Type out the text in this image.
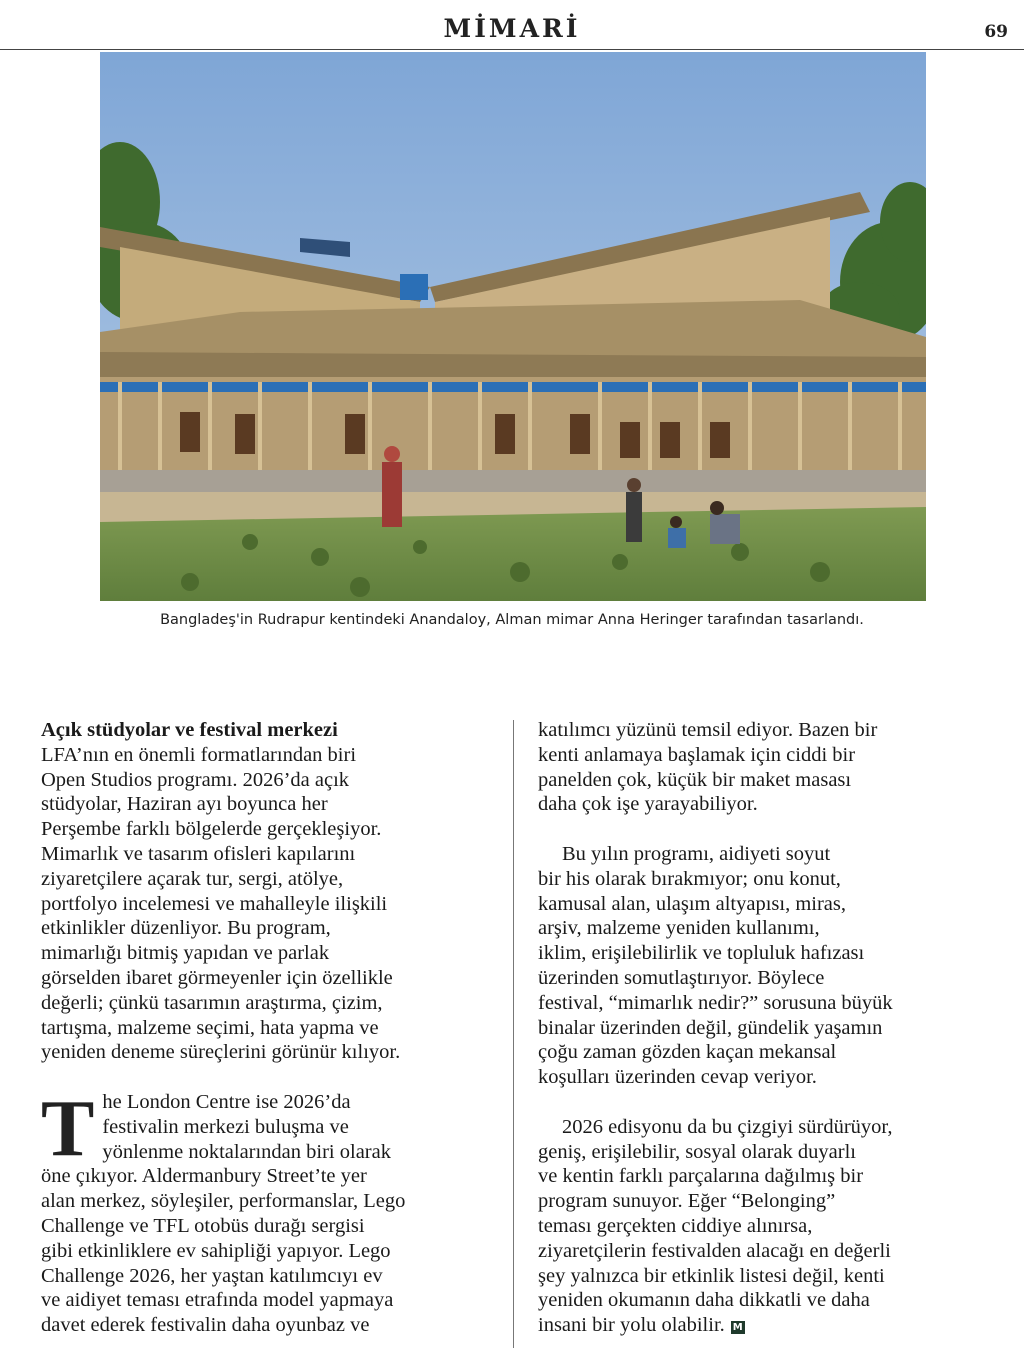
MİMARİ	69
Bangladeş'in Rudrapur kentindeki Anandaloy, Alman mimar Anna Heringer tarafından tasarlandı.

Açık stüdyolar ve festival merkezi

LFA’nın en önemli formatlarından biri
Open Studios programı. 2026’da açık
stüdyolar, Haziran ayı boyunca her
Perşembe farklı bölgelerde gerçekleşiyor.
Mimarlık ve tasarım ofisleri kapılarını
ziyaretçilere açarak tur, sergi, atölye,
portfolyo incelemesi ve mahalleyle ilişkili
etkinlikler düzenliyor. Bu program,
mimarlığı bitmiş yapıdan ve parlak
görselden ibaret görmeyenler için özellikle
değerli; çünkü tasarımın araştırma, çizim,
tartışma, malzeme seçimi, hata yapma ve
yeniden deneme süreçlerini görünür kılıyor.
T he London Centre ise 2026’da
festivalin merkezi buluşma ve
yönlenme noktalarından biri olarak
öne çıkıyor. Aldermanbury Street’te yer
alan merkez, söyleşiler, performanslar, Lego
Challenge ve TFL otobüs durağı sergisi
gibi etkinliklere ev sahipliği yapıyor. Lego
Challenge 2026, her yaştan katılımcıyı ev
ve aidiyet teması etrafında model yapmaya
davet ederek festivalin daha oyunbaz ve
katılımcı yüzünü temsil ediyor. Bazen bir
kenti anlamaya başlamak için ciddi bir
panelden çok, küçük bir maket masası
daha çok işe yarayabiliyor.
Bu yılın programı, aidiyeti soyut
bir his olarak bırakmıyor; onu konut,
kamusal alan, ulaşım altyapısı, miras,
arşiv, malzeme yeniden kullanımı,
iklim, erişilebilirlik ve topluluk hafızası
üzerinden somutlaştırıyor. Böylece
festival, “mimarlık nedir?” sorusuna büyük
binalar üzerinden değil, gündelik yaşamın
çoğu zaman gözden kaçan mekansal
koşulları üzerinden cevap veriyor.
2026 edisyonu da bu çizgiyi sürdürüyor,
geniş, erişilebilir, sosyal olarak duyarlı
ve kentin farklı parçalarına dağılmış bir
program sunuyor. Eğer “Belonging”
teması gerçekten ciddiye alınırsa,
ziyaretçilerin festivalden alacağı en değerli
şey yalnızca bir etkinlik listesi değil, kenti
yeniden okumanın daha dikkatli ve daha
insani bir yolu olabilir. M
